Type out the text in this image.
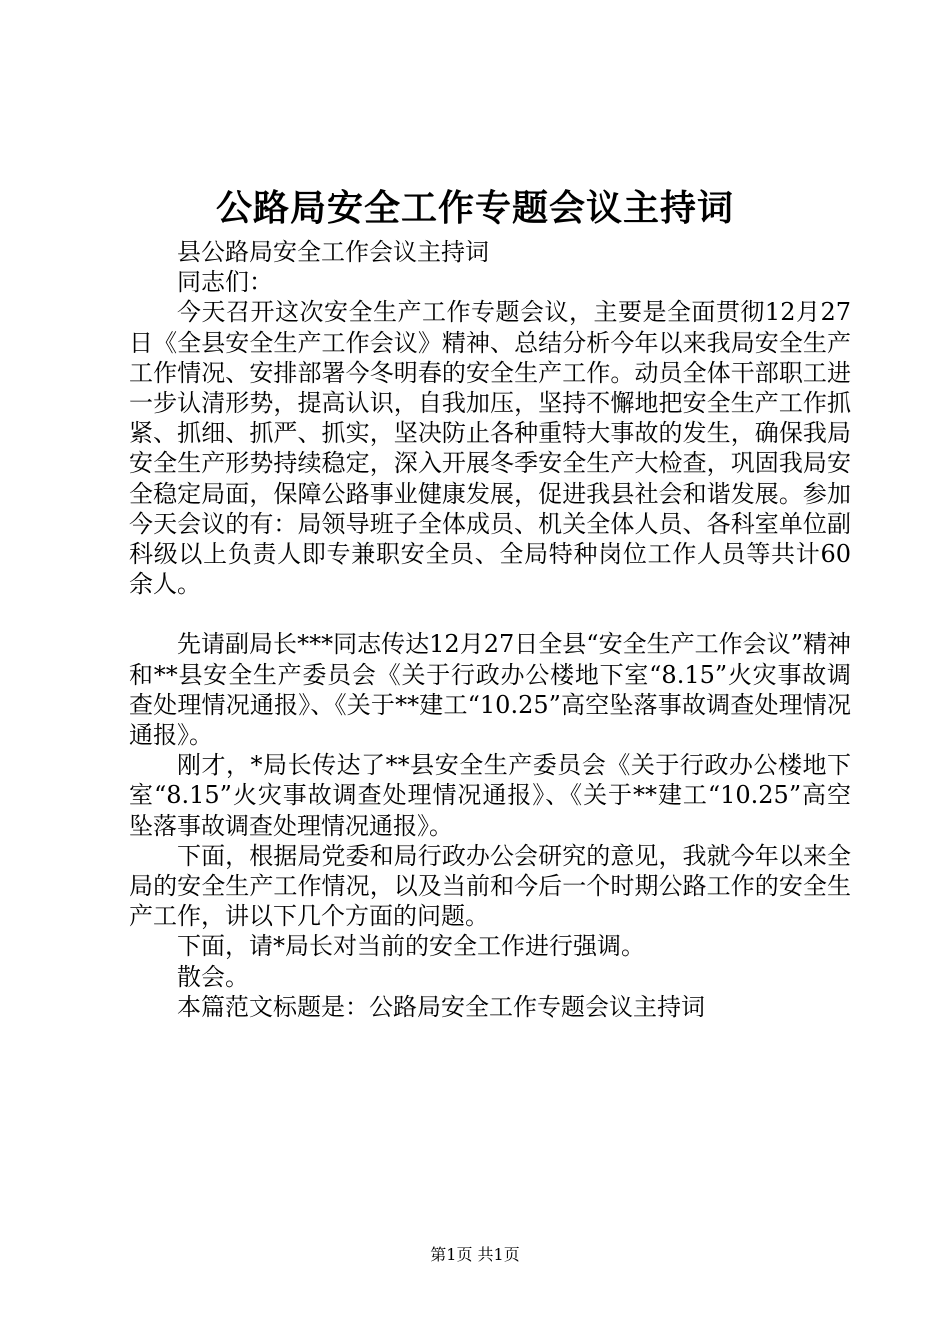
公路局安全工作专题会议主持词

县公路局安全工作会议主持词

同志们：

今天召开这次安全生产工作专题会议，主要是全面贯彻12月27日《全县安全生产工作会议》精神、总结分析今年以来我局安全生产工作情况、安排部署今冬明春的安全生产工作。动员全体干部职工进一步认清形势，提高认识，自我加压，坚持不懈地把安全生产工作抓紧、抓细、抓严、抓实，坚决防止各种重特大事故的发生，确保我局安全生产形势持续稳定，深入开展冬季安全生产大检查，巩固我局安全稳定局面，保障公路事业健康发展，促进我县社会和谐发展。参加今天会议的有：局领导班子全体成员、机关全体人员、各科室单位副科级以上负责人即专兼职安全员、全局特种岗位工作人员等共计60余人。

先请副局长***同志传达12月27日全县“安全生产工作会议”精神和**县安全生产委员会《关于行政办公楼地下室“8.15”火灾事故调查处理情况通报》、《关于**建工“10.25”高空坠落事故调查处理情况通报》。

刚才，*局长传达了**县安全生产委员会《关于行政办公楼地下室“8.15”火灾事故调查处理情况通报》、《关于**建工“10.25”高空坠落事故调查处理情况通报》。

下面，根据局党委和局行政办公会研究的意见，我就今年以来全局的安全生产工作情况，以及当前和今后一个时期公路工作的安全生产工作，讲以下几个方面的问题。

下面，请*局长对当前的安全工作进行强调。

散会。

本篇范文标题是：公路局安全工作专题会议主持词

第1页 共1页
